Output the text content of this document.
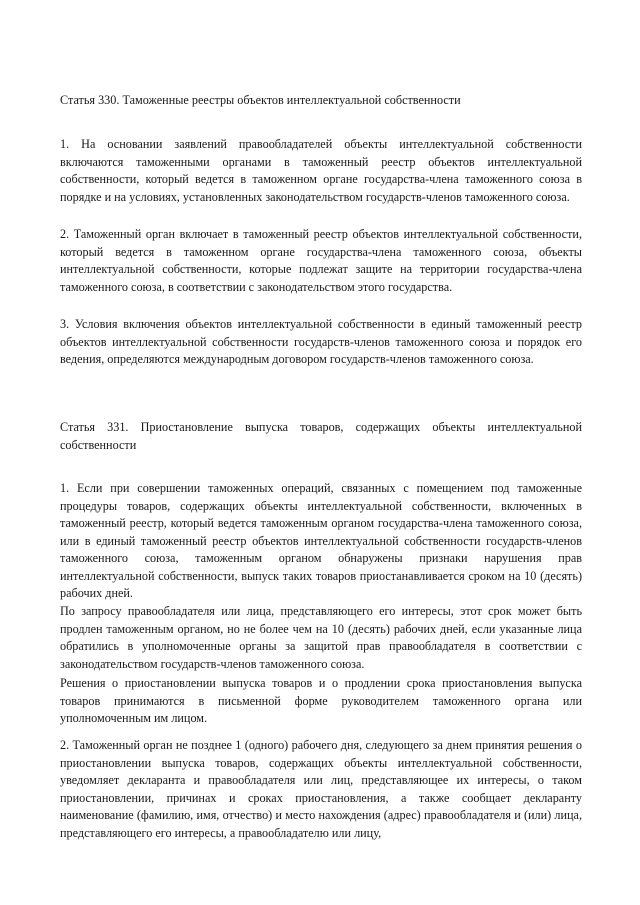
Статья 330. Таможенные реестры объектов интеллектуальной собственности

1. На основании заявлений правообладателей объекты интеллектуальной собственности включаются таможенными органами в таможенный реестр объектов интеллектуальной собственности, который ведется в таможенном органе государства-члена таможенного союза в порядке и на условиях, установленных законодательством государств-членов таможенного союза.

2. Таможенный орган включает в таможенный реестр объектов интеллектуальной собственности, который ведется в таможенном органе государства-члена таможенного союза, объекты интеллектуальной собственности, которые подлежат защите на территории государства-члена таможенного союза, в соответствии с законодательством этого государства.

3. Условия включения объектов интеллектуальной собственности в единый таможенный реестр объектов интеллектуальной собственности государств-членов таможенного союза и порядок его ведения, определяются международным договором государств-членов таможенного союза.

Статья 331. Приостановление выпуска товаров, содержащих объекты интеллектуальной собственности

1. Если при совершении таможенных операций, связанных с помещением под таможенные процедуры товаров, содержащих объекты интеллектуальной собственности, включенных в таможенный реестр, который ведется таможенным органом государства-члена таможенного союза, или в единый таможенный реестр объектов интеллектуальной собственности государств-членов таможенного союза, таможенным органом обнаружены признаки нарушения прав интеллектуальной собственности, выпуск таких товаров приостанавливается сроком на 10 (десять) рабочих дней.

По запросу правообладателя или лица, представляющего его интересы, этот срок может быть продлен таможенным органом, но не более чем на 10 (десять) рабочих дней, если указанные лица обратились в уполномоченные органы за защитой прав правообладателя в соответствии с законодательством государств-членов таможенного союза.

Решения о приостановлении выпуска товаров и о продлении срока приостановления выпуска товаров принимаются в письменной форме руководителем таможенного органа или уполномоченным им лицом.

2. Таможенный орган не позднее 1 (одного) рабочего дня, следующего за днем принятия решения о приостановлении выпуска товаров, содержащих объекты интеллектуальной собственности, уведомляет декларанта и правообладателя или лиц, представляющее их интересы, о таком приостановлении, причинах и сроках приостановления, а также сообщает декларанту наименование (фамилию, имя, отчество) и место нахождения (адрес) правообладателя и (или) лица, представляющего его интересы, а правообладателю или лицу,
